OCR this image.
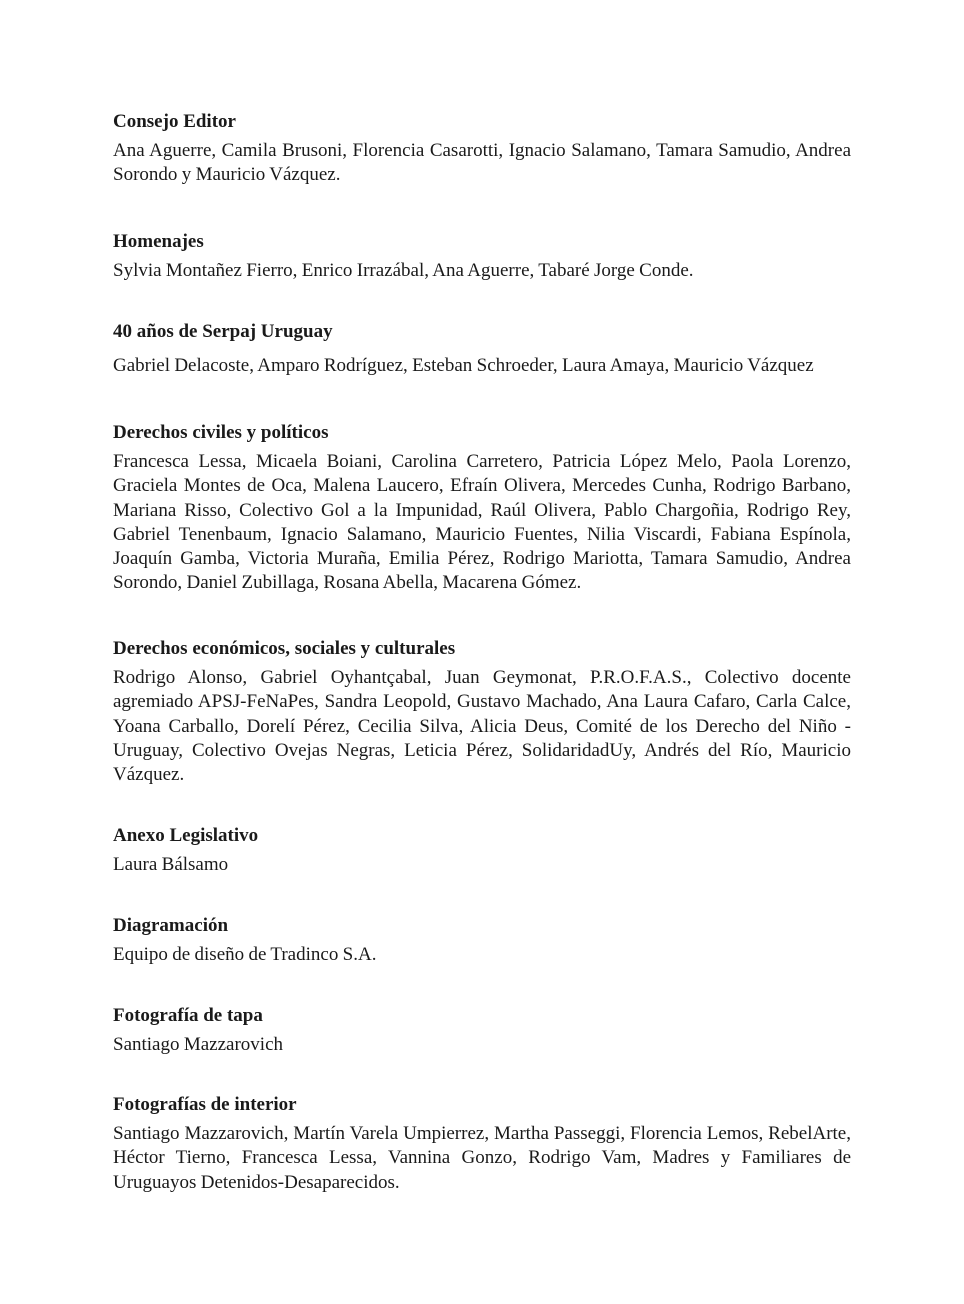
Consejo Editor

Ana Aguerre, Camila Brusoni, Florencia Casarotti, Ignacio Salamano, Tamara Samudio, Andrea Sorondo y Mauricio Vázquez.

Homenajes

Sylvia Montañez Fierro, Enrico Irrazábal, Ana Aguerre, Tabaré Jorge Conde.

40 años de Serpaj Uruguay

Gabriel Delacoste, Amparo Rodríguez, Esteban Schroeder, Laura Amaya, Mauricio Vázquez

Derechos civiles y políticos

Francesca Lessa, Micaela Boiani, Carolina Carretero, Patricia López Melo, Paola Lorenzo, Graciela Montes de Oca, Malena Laucero, Efraín Olivera, Mercedes Cunha, Rodrigo Barbano, Mariana Risso, Colectivo Gol a la Impunidad, Raúl Olivera, Pablo Chargoñia, Rodrigo Rey, Gabriel Tenenbaum, Ignacio Salamano, Mauricio Fuentes, Nilia Viscardi, Fabiana Espínola, Joaquín Gamba, Victoria Muraña, Emilia Pérez, Rodrigo Mariotta, Tamara Samudio, Andrea Sorondo, Daniel Zubillaga, Rosana Abella, Macarena Gómez.

Derechos económicos, sociales y culturales

Rodrigo Alonso, Gabriel Oyhantçabal, Juan Geymonat, P.R.O.F.A.S., Colectivo docente agremiado APSJ-FeNaPes, Sandra Leopold, Gustavo Machado, Ana Laura Cafaro, Carla Calce, Yoana Carballo, Dorelí Pérez, Cecilia Silva, Alicia Deus, Comité de los Derecho del Niño - Uruguay, Colectivo Ovejas Negras, Leticia Pérez, SolidaridadUy, Andrés del Río, Mauricio Vázquez.

Anexo Legislativo

Laura Bálsamo

Diagramación

Equipo de diseño de Tradinco S.A.

Fotografía de tapa

Santiago Mazzarovich

Fotografías de interior

Santiago Mazzarovich, Martín Varela Umpierrez, Martha Passeggi, Florencia Lemos, RebelArte, Héctor Tierno, Francesca Lessa, Vannina Gonzo, Rodrigo Vam, Madres y Familiares de Uruguayos Detenidos-Desaparecidos.
